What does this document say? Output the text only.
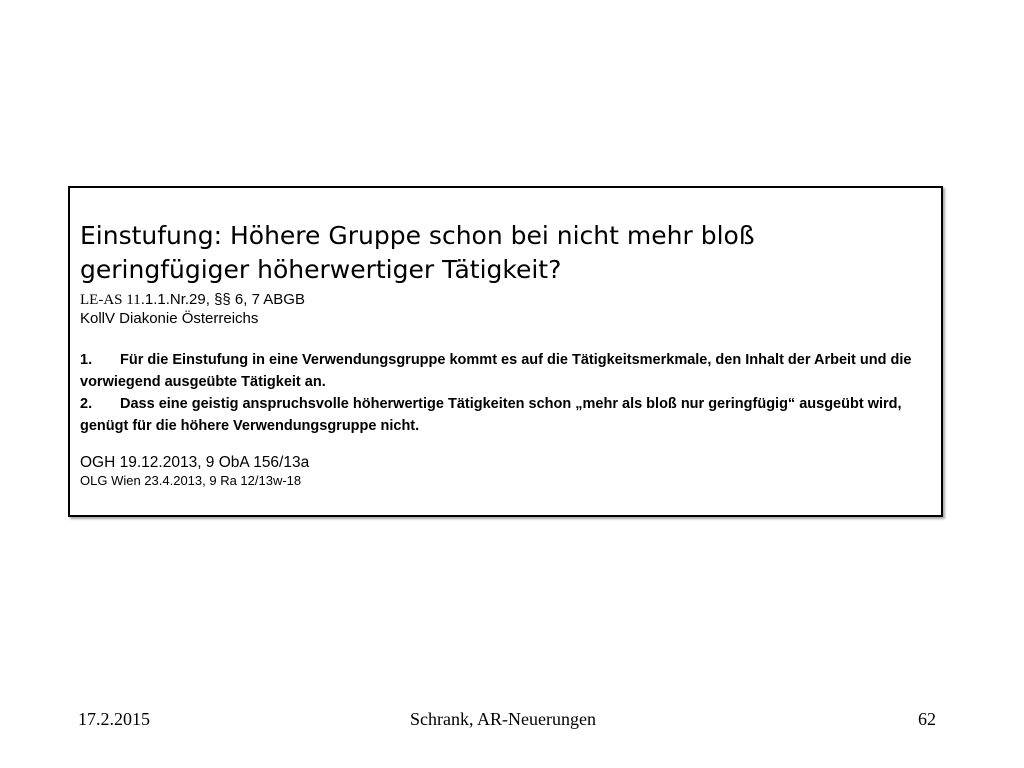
Einstufung: Höhere Gruppe schon bei nicht mehr bloß geringfügiger höherwertiger Tätigkeit?
LE-AS 11.1.1.Nr.29, §§ 6, 7 ABGB
KollV Diakonie Österreichs
1. Für die Einstufung in eine Verwendungsgruppe kommt es auf die Tätigkeitsmerkmale, den Inhalt der Arbeit und die vorwiegend ausgeübte Tätigkeit an.
2. Dass eine geistig anspruchsvolle höherwertige Tätigkeiten schon „mehr als bloß nur geringfügig“ ausgeübt wird, genügt für die höhere Verwendungsgruppe nicht.
OGH 19.12.2013, 9 ObA 156/13a
OLG Wien 23.4.2013, 9 Ra 12/13w-18
17.2.2015	Schrank, AR-Neuerungen	62
